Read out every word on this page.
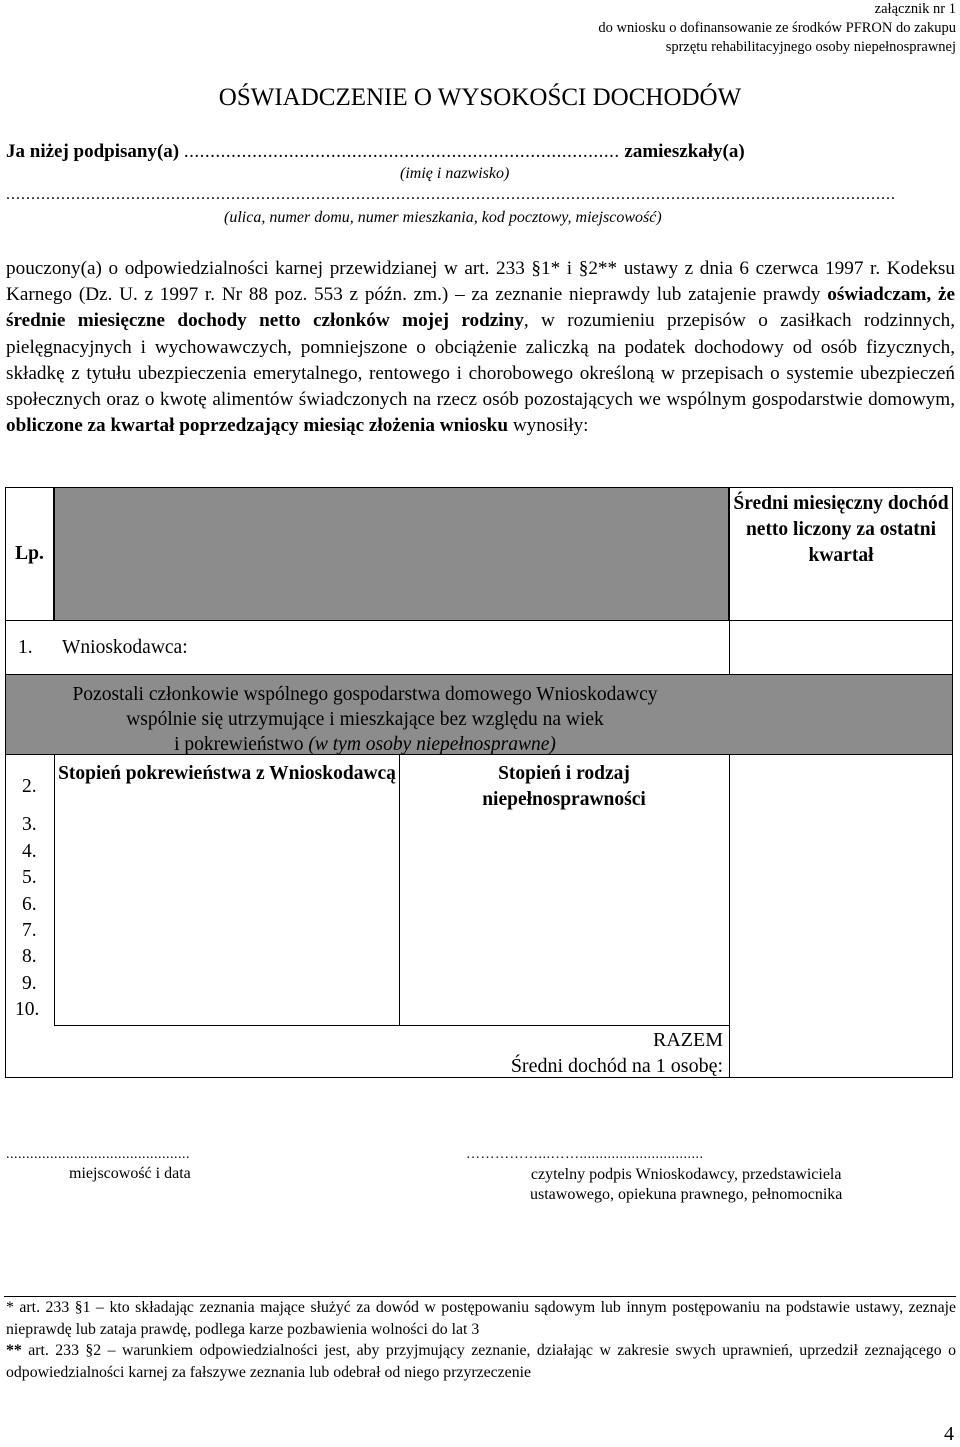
załącznik nr 1
do wniosku o dofinansowanie ze środków PFRON do zakupu
sprzętu rehabilitacyjnego osoby niepełnosprawnej
OŚWIADCZENIE O WYSOKOŚCI DOCHODÓW
Ja niżej podpisany(a) ................................................................................... zamieszkały(a)
(imię i nazwisko)
..................................................................................................................................................................................
(ulica, numer domu, numer mieszkania, kod pocztowy, miejscowość)
pouczony(a) o odpowiedzialności karnej przewidzianej w art. 233 §1* i §2** ustawy z dnia 6 czerwca 1997 r. Kodeksu Karnego (Dz. U. z 1997 r. Nr 88 poz. 553 z późn. zm.) – za zeznanie nieprawdy lub zatajenie prawdy oświadczam, że średnie miesięczne dochody netto członków mojej rodziny, w rozumieniu przepisów o zasiłkach rodzinnych, pielęgnacyjnych i wychowawczych, pomniejszone o obciążenie zaliczką na podatek dochodowy od osób fizycznych, składkę z tytułu ubezpieczenia emerytalnego, rentowego i chorobowego określoną w przepisach o systemie ubezpieczeń społecznych oraz o kwotę alimentów świadczonych na rzecz osób pozostających we wspólnym gospodarstwie domowym, obliczone za kwartał poprzedzający miesiąc złożenia wniosku wynosiły:
Lp.
Średni miesięczny dochód netto liczony za ostatni kwartał
1. Wnioskodawca:
Pozostali członkowie wspólnego gospodarstwa domowego Wnioskodawcy
wspólnie się utrzymujące i mieszkające bez względu na wiek
i pokrewieństwo (w tym osoby niepełnosprawne)
Stopień pokrewieństwa z Wnioskodawcą	Stopień i rodzaj niepełnosprawności
2.
3.
4.
5.
6.
7.
8.
9.
10.
RAZEM
Średni dochód na 1 osobę:
..............................................
miejscowość i data
……………...……...............................
czytelny podpis Wnioskodawcy, przedstawiciela
ustawowego, opiekuna prawnego, pełnomocnika
* art. 233 §1 – kto składając zeznania mające służyć za dowód w postępowaniu sądowym lub innym postępowaniu na podstawie ustawy, zeznaje nieprawdę lub zataja prawdę, podlega karze pozbawienia wolności do lat 3
** art. 233 §2 – warunkiem odpowiedzialności jest, aby przyjmujący zeznanie, działając w zakresie swych uprawnień, uprzedził zeznającego o odpowiedzialności karnej za fałszywe zeznania lub odebrał od niego przyrzeczenie
4
